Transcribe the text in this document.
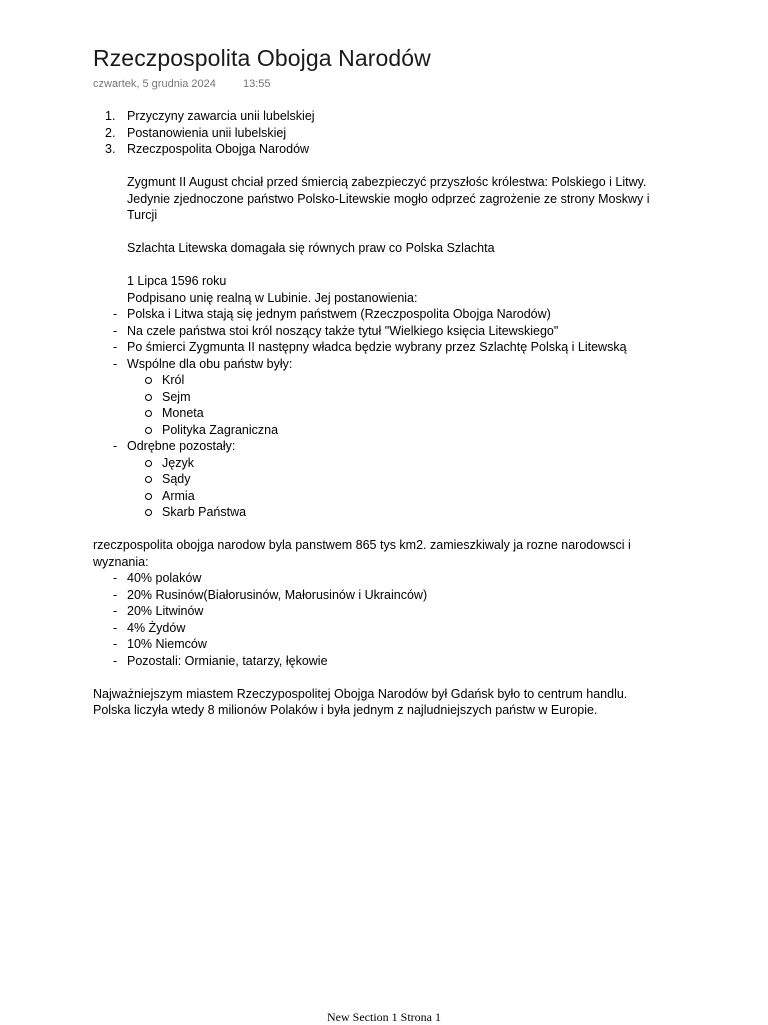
Rzeczpospolita Obojga Narodów
czwartek, 5 grudnia 2024 13:55
1. Przyczyny zawarcia unii lubelskiej
2. Postanowienia unii lubelskiej
3. Rzeczpospolita Obojga Narodów
Zygmunt II August chciał przed śmiercią zabezpieczyć przyszłośc królestwa: Polskiego i Litwy.
Jedynie zjednoczone państwo Polsko-Litewskie mogło odprzeć zagrożenie ze strony Moskwy i
Turcji
Szlachta Litewska domagała się równych praw co Polska Szlachta
1 Lipca 1596 roku
Podpisano unię realną w Lubinie. Jej postanowienia:
- Polska i Litwa stają się jednym państwem (Rzeczpospolita Obojga Narodów)
- Na czele państwa stoi król noszący także tytuł "Wielkiego księcia Litewskiego"
- Po śmierci Zygmunta II następny władca będzie wybrany przez Szlachtę Polską i Litewską
- Wspólne dla obu państw były:
Król
Sejm
Moneta
Polityka Zagraniczna
- Odrębne pozostały:
Język
Sądy
Armia
Skarb Państwa
rzeczpospolita obojga narodow byla panstwem 865 tys km2. zamieszkiwaly ja rozne narodowsci i
wyznania:
- 40% polaków
- 20% Rusinów(Białorusinów, Małorusinów i Ukrainców)
- 20% Litwinów
- 4% Żydów
- 10% Niemców
- Pozostali: Ormianie, tatarzy, łękowie
Najważniejszym miastem Rzeczypospolitej Obojga Narodów był Gdańsk było to centrum handlu.
Polska liczyła wtedy 8 milionów Polaków i była jednym z najludniejszych państw w Europie.
New Section 1 Strona 1
